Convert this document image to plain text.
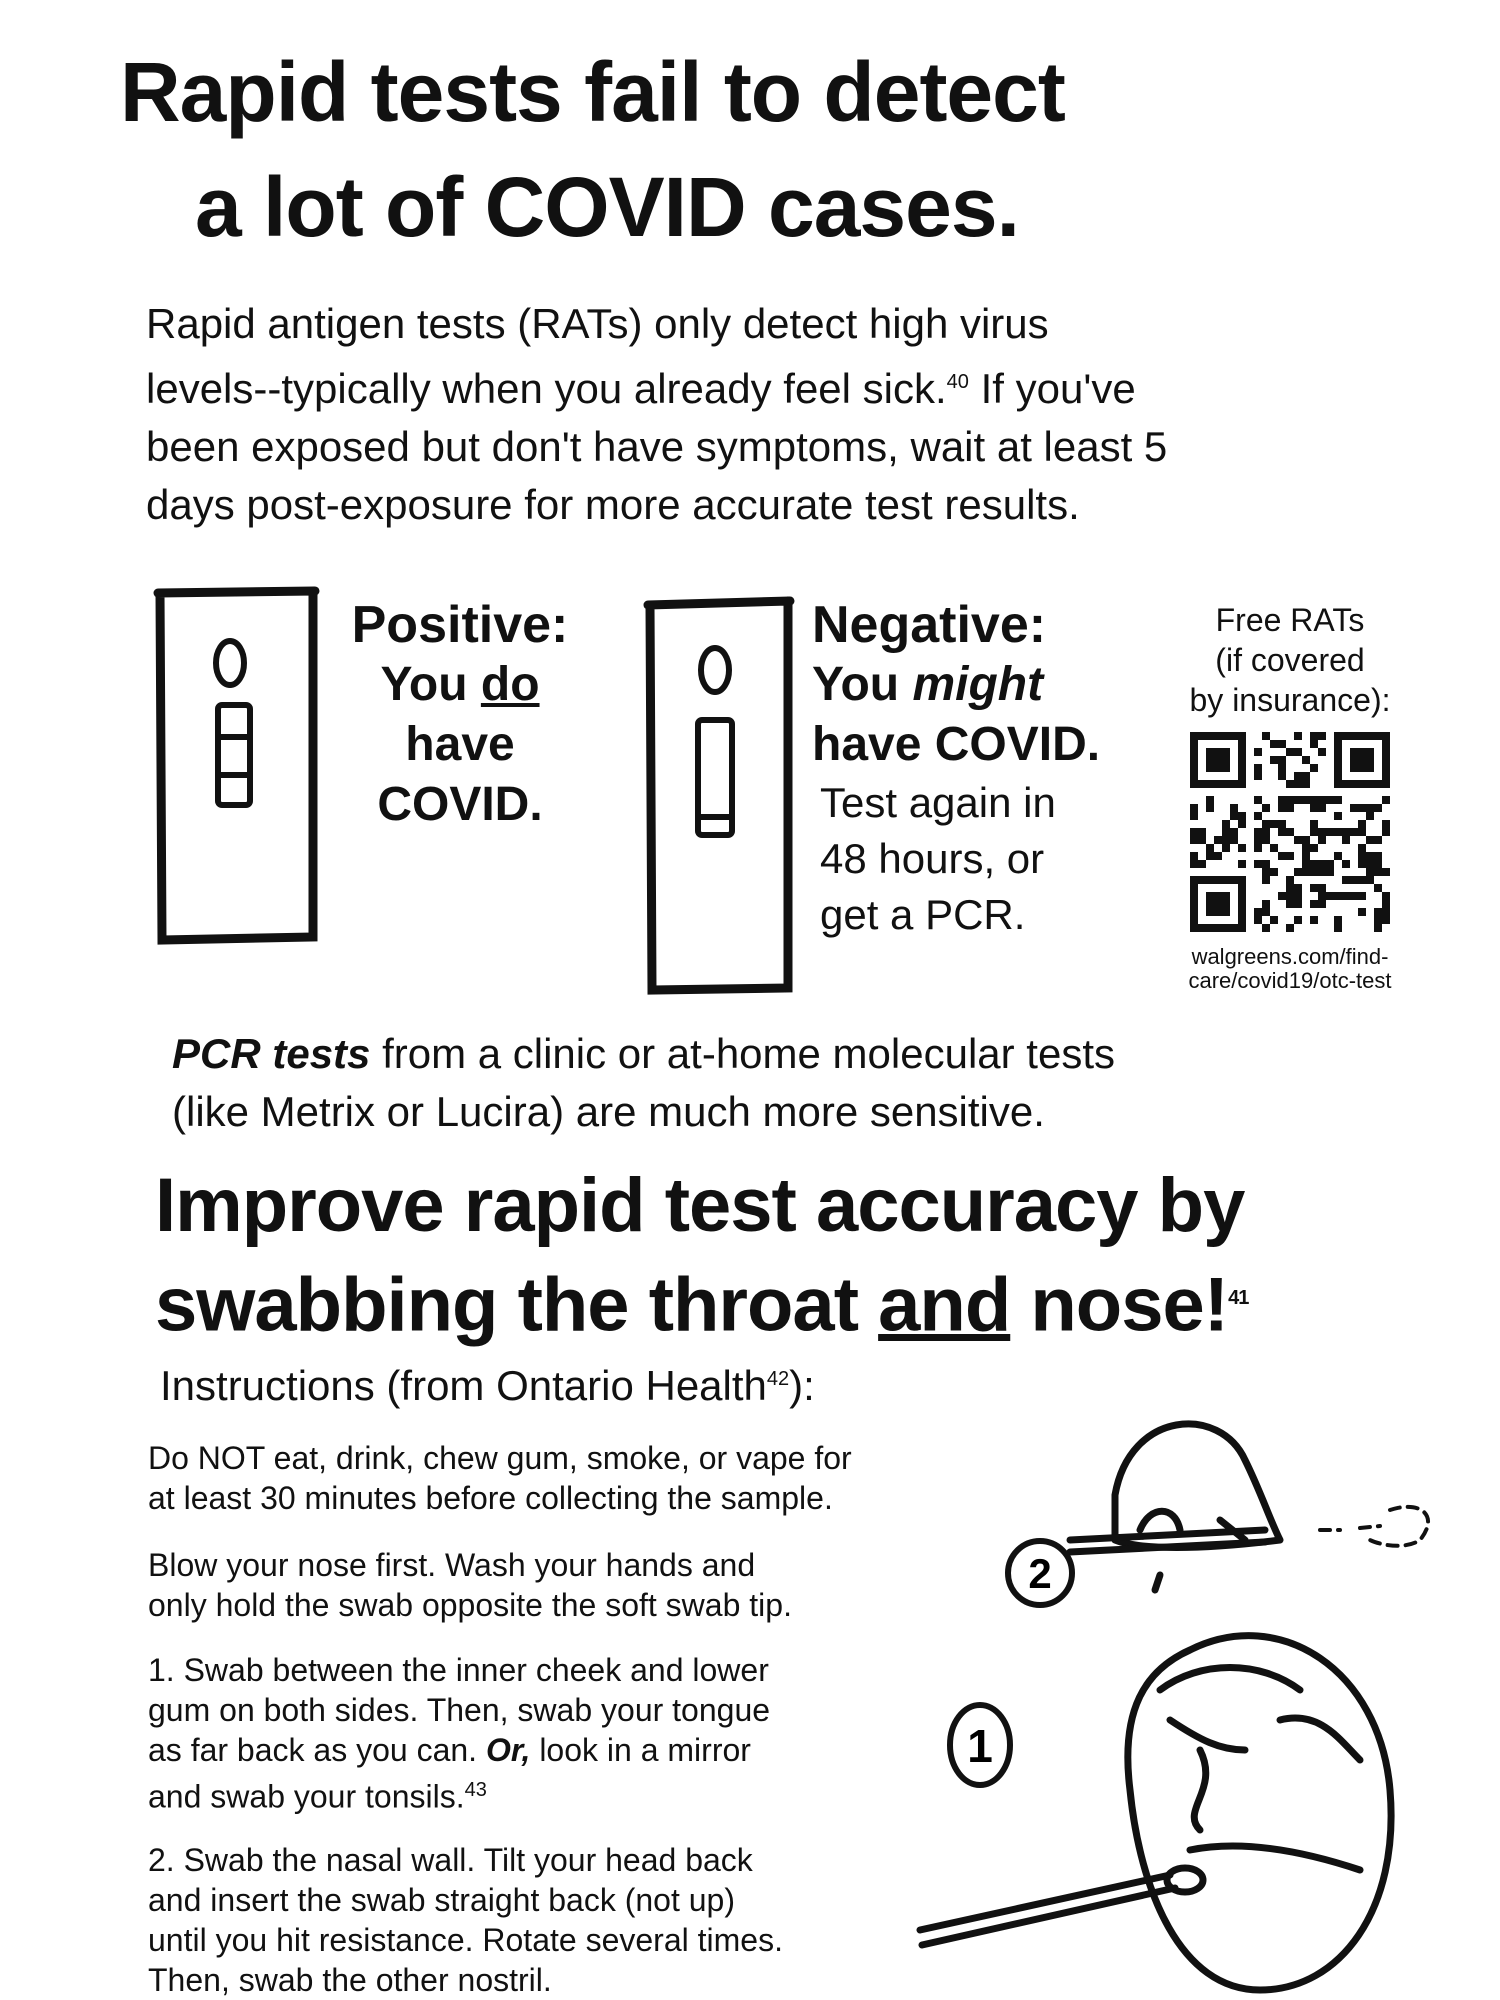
Rapid tests fail to detect
a lot of COVID cases.
Rapid antigen tests (RATs) only detect high virus
levels--typically when you already feel sick.$^{40}$ If you've
been exposed but don't have symptoms, wait at least 5
days post-exposure for more accurate test results.
Positive:
You do
have
COVID.
Negative:
You might
have COVID.
Test again in
48 hours, or
get a PCR.
Free RATs
(if covered
by insurance):
walgreens.com/find-
care/covid19/otc-test
PCR tests from a clinic or at-home molecular tests
(like Metrix or Lucira) are much more sensitive.
Improve rapid test accuracy by
swabbing the throat and nose!$^{41}$
Instructions (from Ontario Health$^{42}$):
Do NOT eat, drink, chew gum, smoke, or vape for
at least 30 minutes before collecting the sample.
Blow your nose first. Wash your hands and
only hold the swab opposite the soft swab tip.
1. Swab between the inner cheek and lower
gum on both sides. Then, swab your tongue
as far back as you can. Or, look in a mirror
and swab your tonsils.$^{43}$
2. Swab the nasal wall. Tilt your head back
and insert the swab straight back (not up)
until you hit resistance. Rotate several times.
Then, swab the other nostril.
2
1
